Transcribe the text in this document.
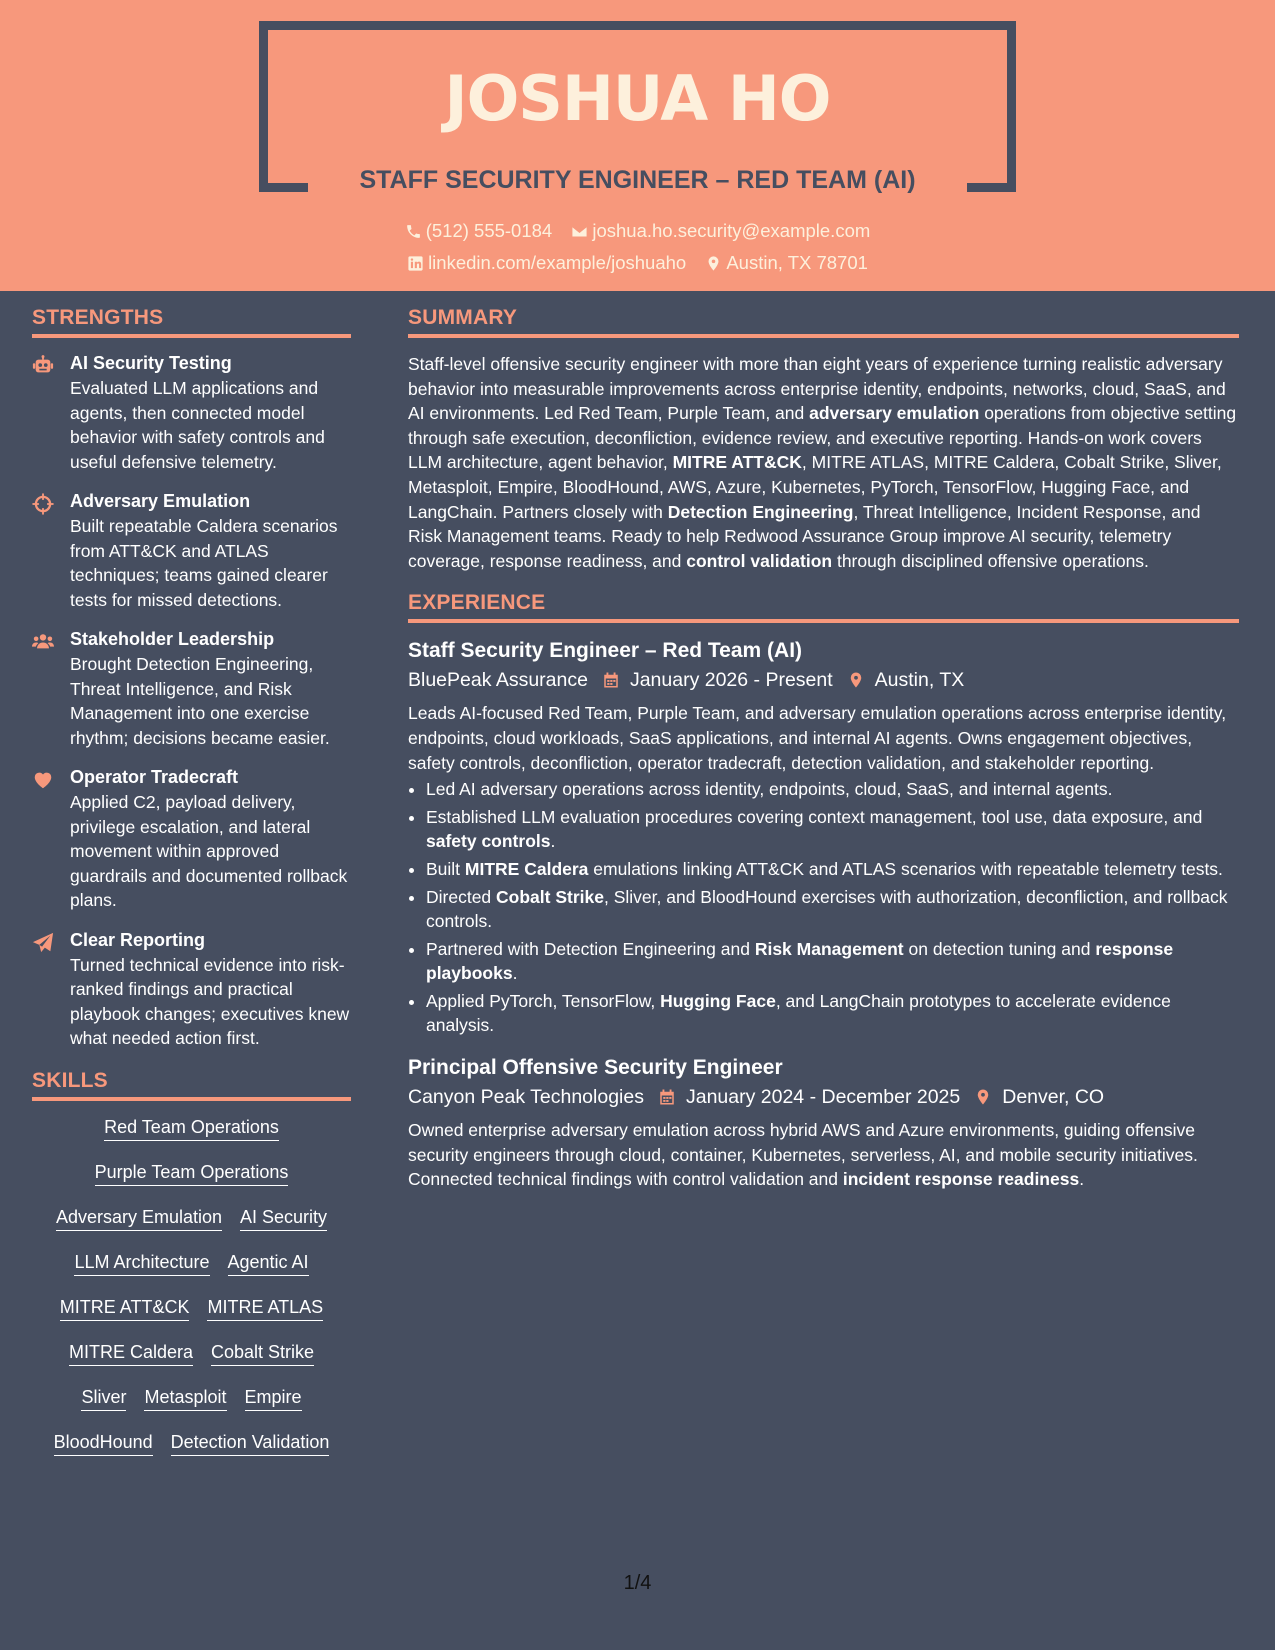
JOSHUA HO
STAFF SECURITY ENGINEER – RED TEAM (AI)
(512) 555-0184
joshua.ho.security@example.com
linkedin.com/example/joshuaho
Austin, TX 78701
STRENGTHS
AI Security Testing
Evaluated LLM applications and agents, then connected model behavior with safety controls and useful defensive telemetry.
Adversary Emulation
Built repeatable Caldera scenarios from ATT&CK and ATLAS techniques; teams gained clearer tests for missed detections.
Stakeholder Leadership
Brought Detection Engineering, Threat Intelligence, and Risk Management into one exercise rhythm; decisions became easier.
Operator Tradecraft
Applied C2, payload delivery, privilege escalation, and lateral movement within approved guardrails and documented rollback plans.
Clear Reporting
Turned technical evidence into risk-ranked findings and practical playbook changes; executives knew what needed action first.
SKILLS
Red Team Operations
Purple Team Operations
Adversary Emulation AI Security
LLM Architecture Agentic AI
MITRE ATT&CK MITRE ATLAS
MITRE Caldera Cobalt Strike
Sliver Metasploit Empire
BloodHound Detection Validation
SUMMARY
Staff-level offensive security engineer with more than eight years of experience turning realistic adversary behavior into measurable improvements across enterprise identity, endpoints, networks, cloud, SaaS, and AI environments. Led Red Team, Purple Team, and adversary emulation operations from objective setting through safe execution, deconfliction, evidence review, and executive reporting. Hands-on work covers LLM architecture, agent behavior, MITRE ATT&CK, MITRE ATLAS, MITRE Caldera, Cobalt Strike, Sliver, Metasploit, Empire, BloodHound, AWS, Azure, Kubernetes, PyTorch, TensorFlow, Hugging Face, and LangChain. Partners closely with Detection Engineering, Threat Intelligence, Incident Response, and Risk Management teams. Ready to help Redwood Assurance Group improve AI security, telemetry coverage, response readiness, and control validation through disciplined offensive operations.
EXPERIENCE
Staff Security Engineer – Red Team (AI)
BluePeak Assurance January 2026 - Present Austin, TX
Leads AI-focused Red Team, Purple Team, and adversary emulation operations across enterprise identity, endpoints, cloud workloads, SaaS applications, and internal AI agents. Owns engagement objectives, safety controls, deconfliction, operator tradecraft, detection validation, and stakeholder reporting.
• Led AI adversary operations across identity, endpoints, cloud, SaaS, and internal agents.
• Established LLM evaluation procedures covering context management, tool use, data exposure, and safety controls.
• Built MITRE Caldera emulations linking ATT&CK and ATLAS scenarios with repeatable telemetry tests.
• Directed Cobalt Strike, Sliver, and BloodHound exercises with authorization, deconfliction, and rollback controls.
• Partnered with Detection Engineering and Risk Management on detection tuning and response playbooks.
• Applied PyTorch, TensorFlow, Hugging Face, and LangChain prototypes to accelerate evidence analysis.
Principal Offensive Security Engineer
Canyon Peak Technologies January 2024 - December 2025 Denver, CO
Owned enterprise adversary emulation across hybrid AWS and Azure environments, guiding offensive security engineers through cloud, container, Kubernetes, serverless, AI, and mobile security initiatives. Connected technical findings with control validation and incident response readiness.
1/4
